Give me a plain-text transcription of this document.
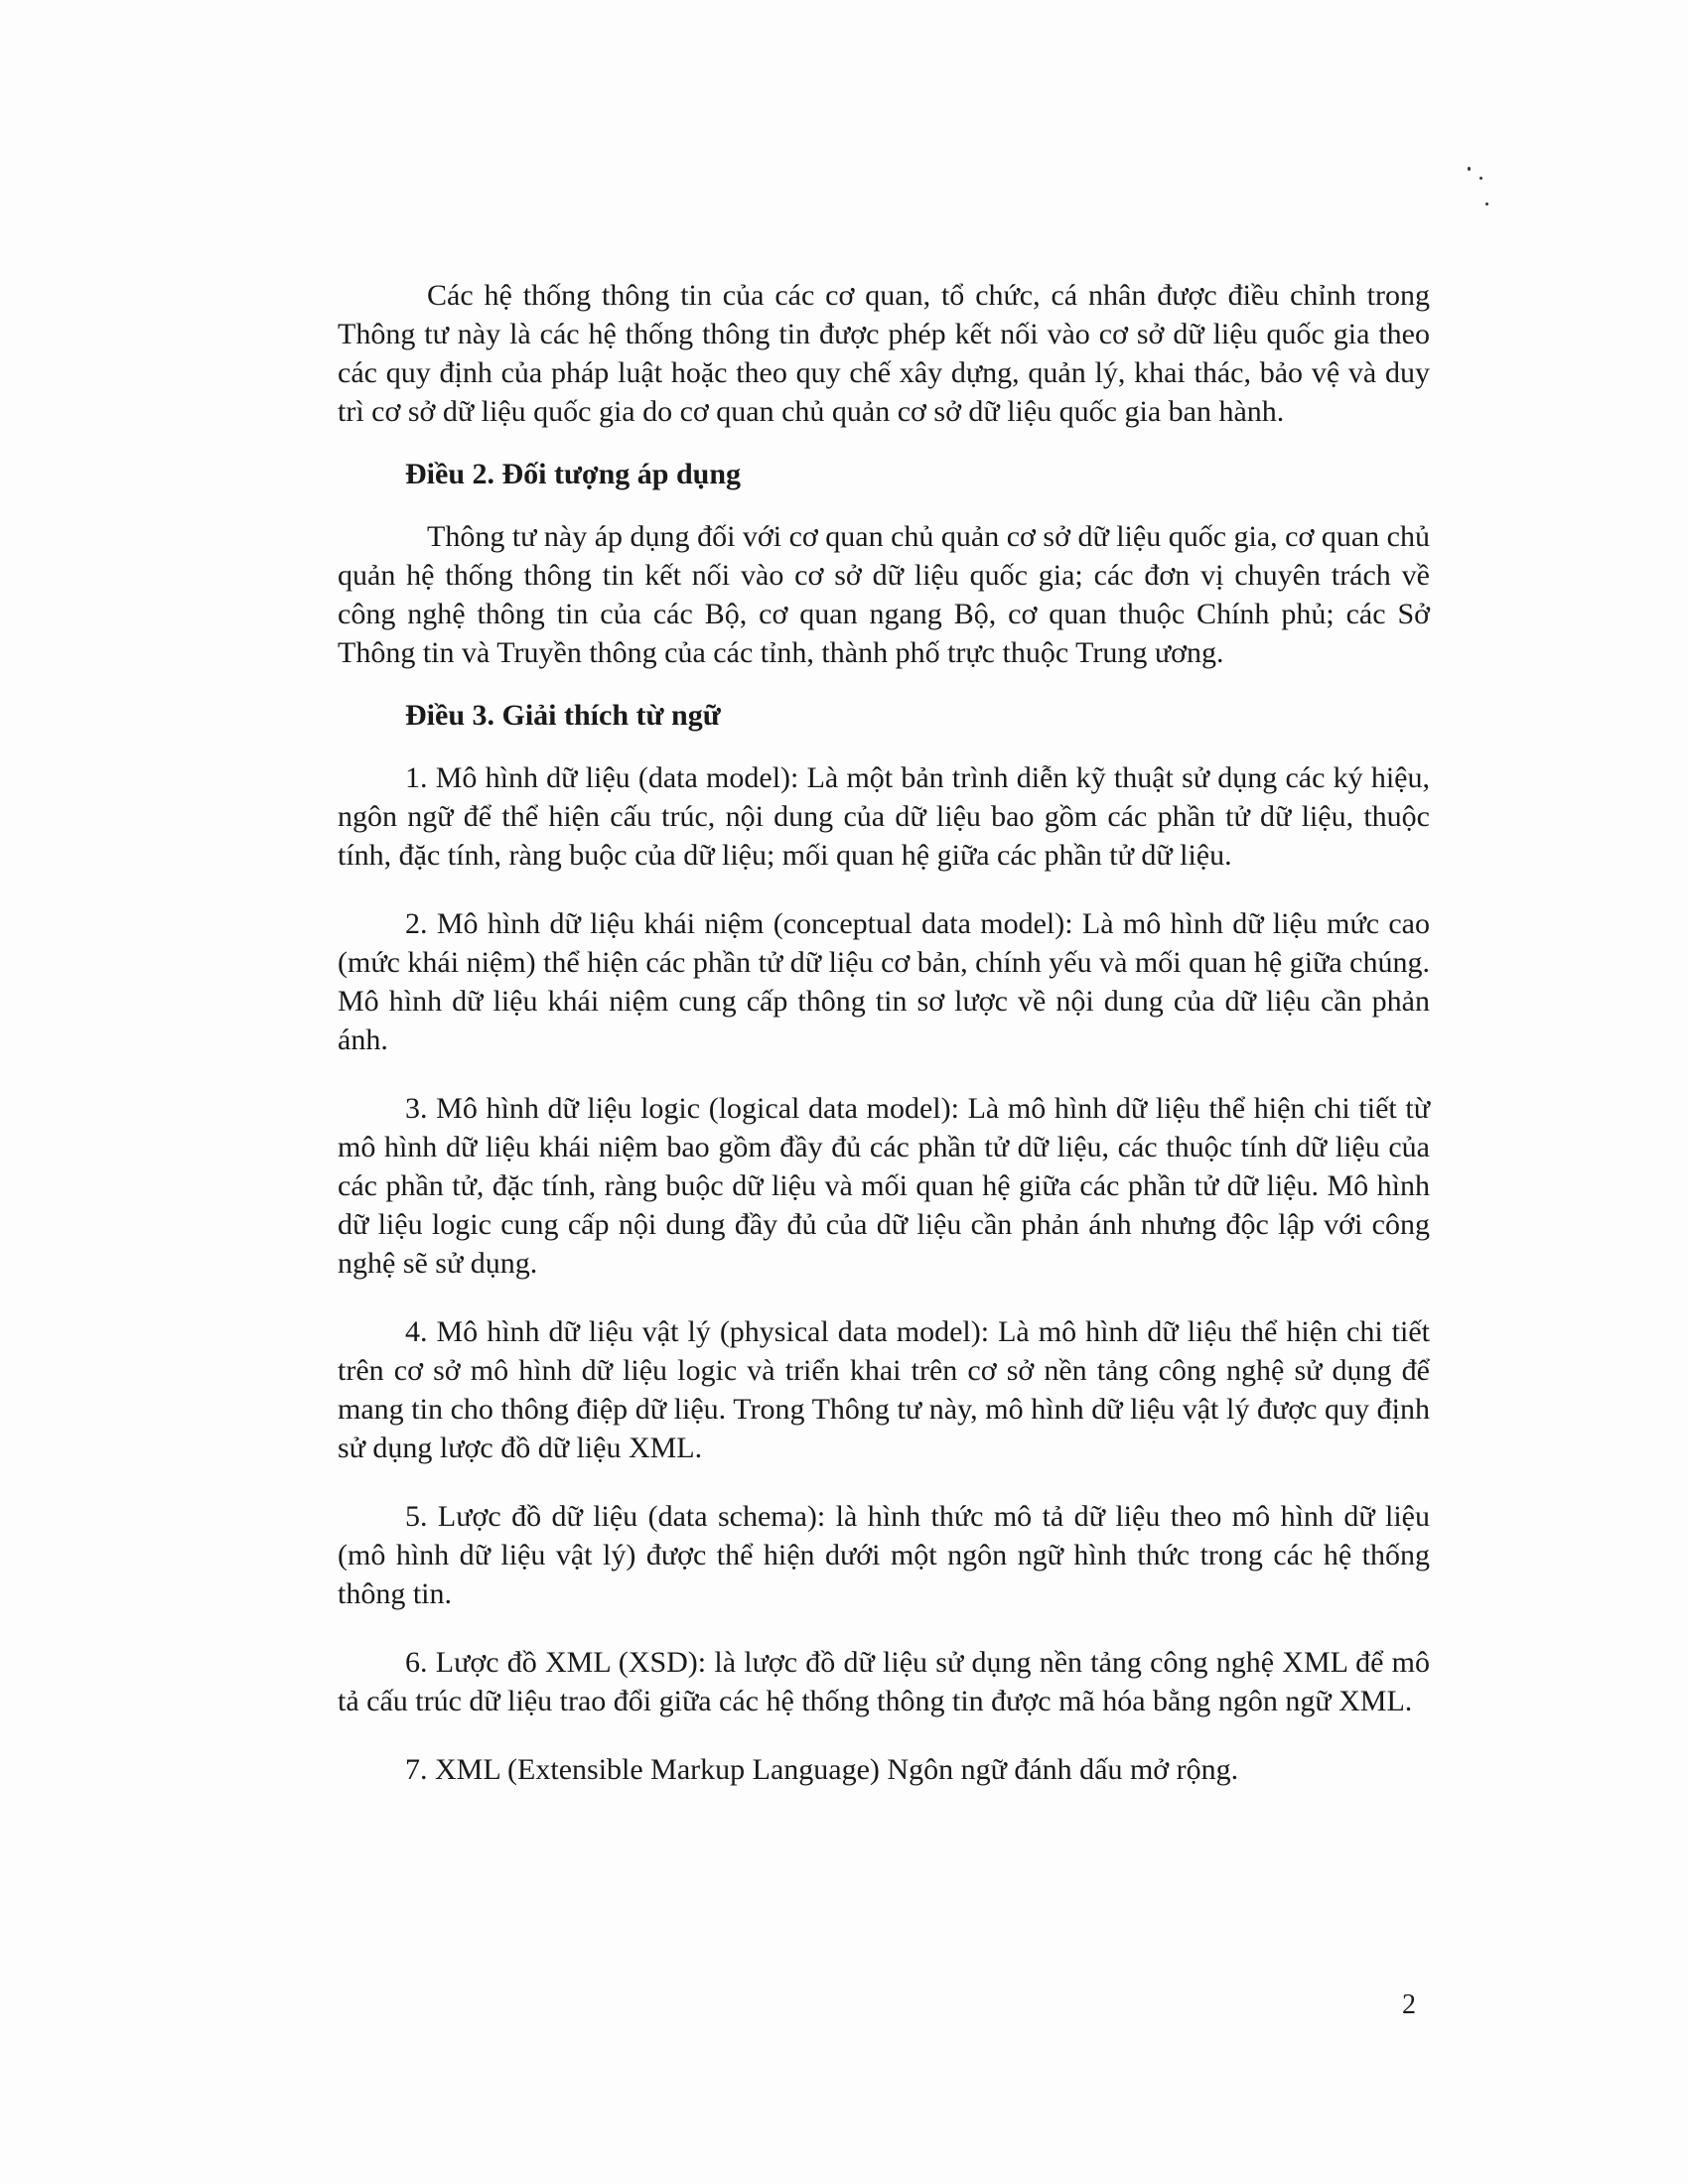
Các hệ thống thông tin của các cơ quan, tổ chức, cá nhân được điều chỉnh trong Thông tư này là các hệ thống thông tin được phép kết nối vào cơ sở dữ liệu quốc gia theo các quy định của pháp luật hoặc theo quy chế xây dựng, quản lý, khai thác, bảo vệ và duy trì cơ sở dữ liệu quốc gia do cơ quan chủ quản cơ sở dữ liệu quốc gia ban hành.

Điều 2. Đối tượng áp dụng

Thông tư này áp dụng đối với cơ quan chủ quản cơ sở dữ liệu quốc gia, cơ quan chủ quản hệ thống thông tin kết nối vào cơ sở dữ liệu quốc gia; các đơn vị chuyên trách về công nghệ thông tin của các Bộ, cơ quan ngang Bộ, cơ quan thuộc Chính phủ; các Sở Thông tin và Truyền thông của các tỉnh, thành phố trực thuộc Trung ương.

Điều 3. Giải thích từ ngữ

1. Mô hình dữ liệu (data model): Là một bản trình diễn kỹ thuật sử dụng các ký hiệu, ngôn ngữ để thể hiện cấu trúc, nội dung của dữ liệu bao gồm các phần tử dữ liệu, thuộc tính, đặc tính, ràng buộc của dữ liệu; mối quan hệ giữa các phần tử dữ liệu.

2. Mô hình dữ liệu khái niệm (conceptual data model): Là mô hình dữ liệu mức cao (mức khái niệm) thể hiện các phần tử dữ liệu cơ bản, chính yếu và mối quan hệ giữa chúng. Mô hình dữ liệu khái niệm cung cấp thông tin sơ lược về nội dung của dữ liệu cần phản ánh.

3. Mô hình dữ liệu logic (logical data model): Là mô hình dữ liệu thể hiện chi tiết từ mô hình dữ liệu khái niệm bao gồm đầy đủ các phần tử dữ liệu, các thuộc tính dữ liệu của các phần tử, đặc tính, ràng buộc dữ liệu và mối quan hệ giữa các phần tử dữ liệu. Mô hình dữ liệu logic cung cấp nội dung đầy đủ của dữ liệu cần phản ánh nhưng độc lập với công nghệ sẽ sử dụng.

4. Mô hình dữ liệu vật lý (physical data model): Là mô hình dữ liệu thể hiện chi tiết trên cơ sở mô hình dữ liệu logic và triển khai trên cơ sở nền tảng công nghệ sử dụng để mang tin cho thông điệp dữ liệu. Trong Thông tư này, mô hình dữ liệu vật lý được quy định sử dụng lược đồ dữ liệu XML.

5. Lược đồ dữ liệu (data schema): là hình thức mô tả dữ liệu theo mô hình dữ liệu (mô hình dữ liệu vật lý) được thể hiện dưới một ngôn ngữ hình thức trong các hệ thống thông tin.

6. Lược đồ XML (XSD): là lược đồ dữ liệu sử dụng nền tảng công nghệ XML để mô tả cấu trúc dữ liệu trao đổi giữa các hệ thống thông tin được mã hóa bằng ngôn ngữ XML.

7. XML (Extensible Markup Language) Ngôn ngữ đánh dấu mở rộng.

2
